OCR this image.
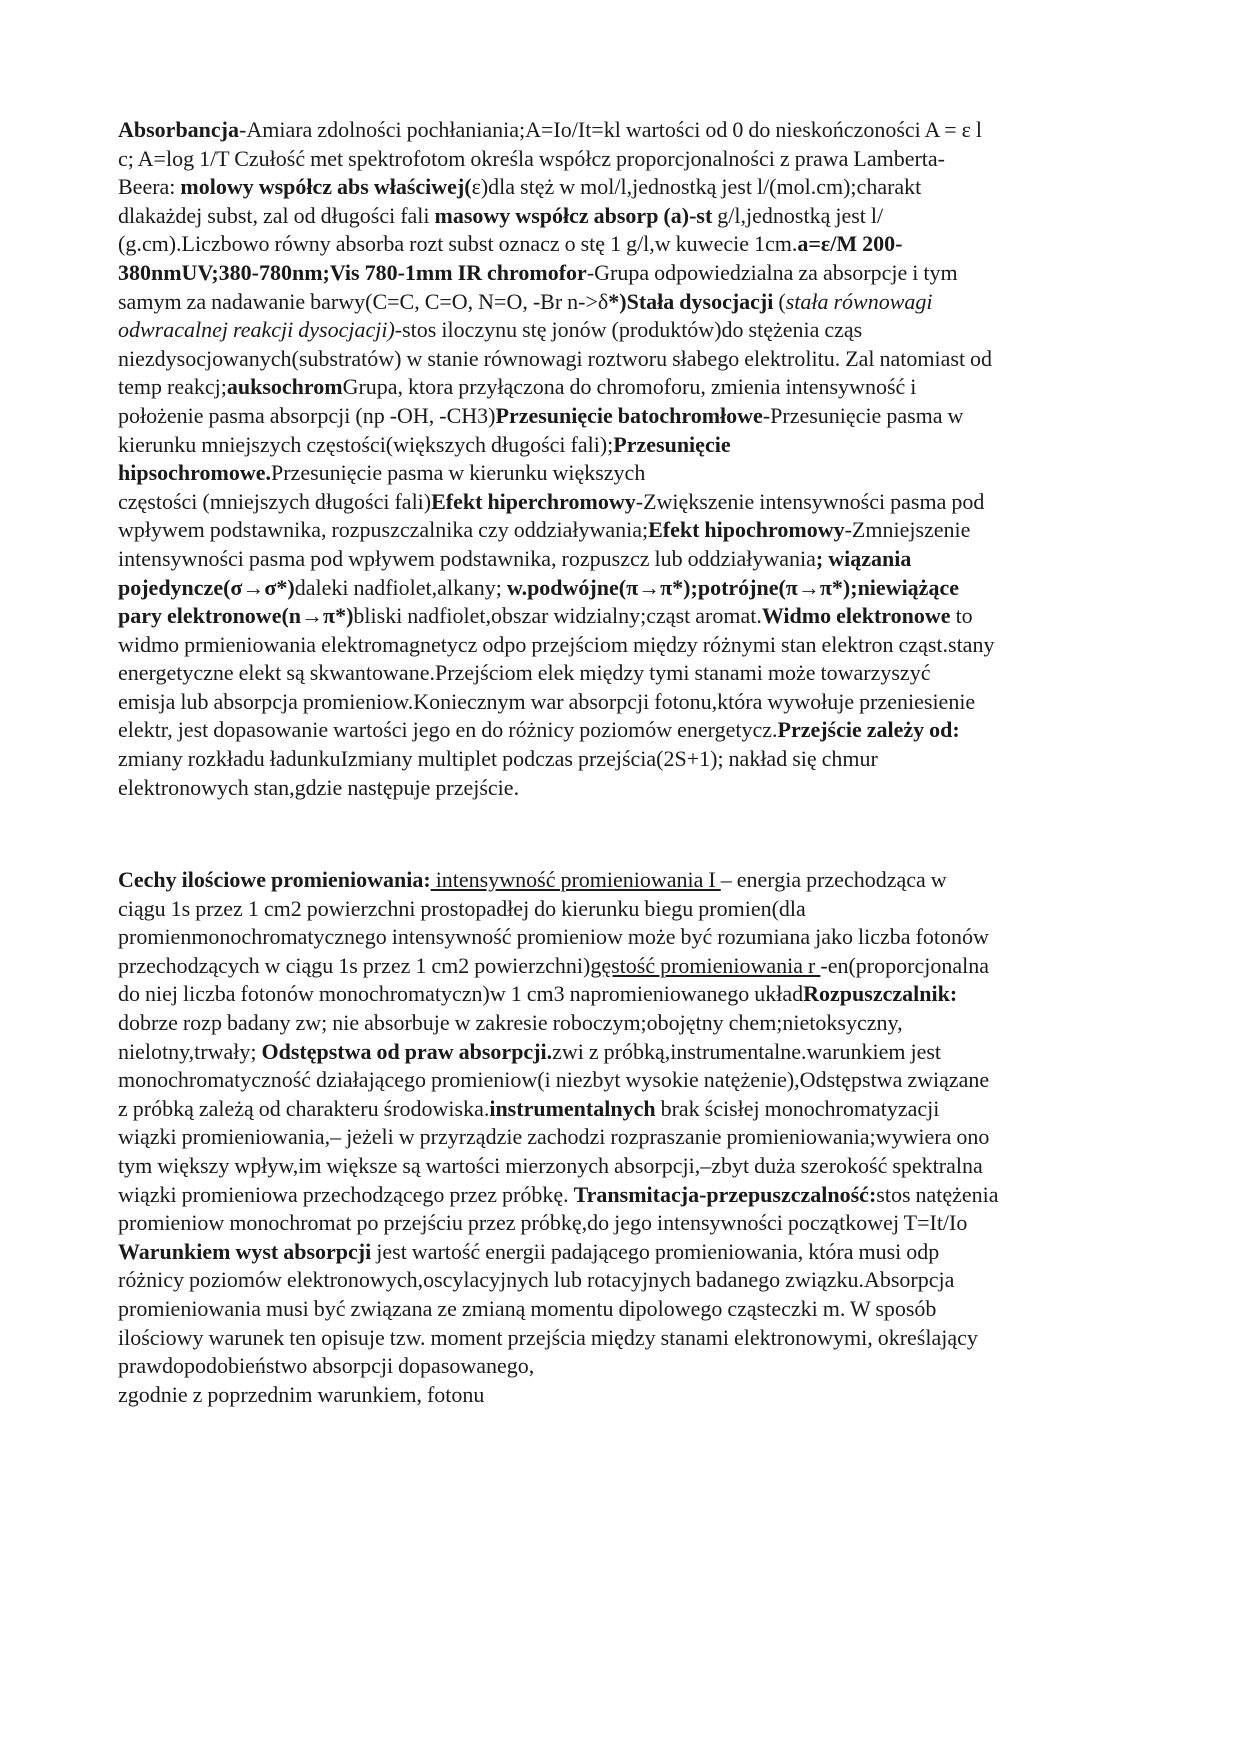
Absorbancja-Amiara zdolności pochłaniania;A=Io/It=kl wartości od 0 do nieskończoności A = ε l
c; A=log 1/T Czułość met spektrofotom określa współcz proporcjonalności z prawa Lamberta-
Beera: molowy współcz abs właściwej(ε)dla stęż w mol/l,jednostką jest l/(mol.cm);charakt
dlakażdej subst, zal od długości fali masowy współcz absorp (a)-st g/l,jednostką jest l/
(g.cm).Liczbowo równy absorba rozt subst oznacz o stę 1 g/l,w kuwecie 1cm.a=ε/M 200-
380nmUV;380-780nm;Vis 780-1mm IR chromofor-Grupa odpowiedzialna za absorpcje i tym
samym za nadawanie barwy(C=C, C=O, N=O, -Br n->δ*)Stała dysocjacji (stała równowagi
odwracalnej reakcji dysocjacji)-stos iloczynu stę jonów (produktów)do stężenia cząs
niezdysocjowanych(substratów) w stanie równowagi roztworu słabego elektrolitu. Zal natomiast od
temp reakcj;auksochromGrupa, ktora przyłączona do chromoforu, zmienia intensywność i
położenie pasma absorpcji (np -OH, -CH3)Przesunięcie batochromłowe-Przesunięcie pasma w
kierunku mniejszych częstości(większych długości fali);Przesunięcie
hipsochromowe.Przesunięcie pasma w kierunku większych
częstości (mniejszych długości fali)Efekt hiperchromowy-Zwiększenie intensywności pasma pod
wpływem podstawnika, rozpuszczalnika czy oddziaływania;Efekt hipochromowy-Zmniejszenie
intensywności pasma pod wpływem podstawnika, rozpuszcz lub oddziaływania; wiązania
pojedyncze(σ→σ*)daleki nadfiolet,alkany; w.podwójne(π→π*);potrójne(π→π*);niewiążące
pary elektronowe(n→π*)bliski nadfiolet,obszar widzialny;cząst aromat.Widmo elektronowe to
widmo prmieniowania elektromagnetycz odpo przejściom między różnymi stan elektron cząst.stany
energetyczne elekt są skwantowane.Przejściom elek między tymi stanami może towarzyszyć
emisja lub absorpcja promieniow.Koniecznym war absorpcji fotonu,która wywołuje przeniesienie
elektr, jest dopasowanie wartości jego en do różnicy poziomów energetycz.Przejście zależy od:
zmiany rozkładu ładunkuIzmiany multiplet podczas przejścia(2S+1); nakład się chmur
elektronowych stan,gdzie następuje przejście.
Cechy ilościowe promieniowania: intensywność promieniowania I – energia przechodząca w
ciągu 1s przez 1 cm2 powierzchni prostopadłej do kierunku biegu promien(dla
promienmonochromatycznego intensywność promieniow może być rozumiana jako liczba fotonów
przechodzących w ciągu 1s przez 1 cm2 powierzchni)gęstość promieniowania r -en(proporcjonalna
do niej liczba fotonów monochromatyczn)w 1 cm3 napromieniowanego układRozpuszczalnik:
dobrze rozp badany zw; nie absorbuje w zakresie roboczym;obojętny chem;nietoksyczny,
nielotny,trwały; Odstępstwa od praw absorpcji.zwi z próbką,instrumentalne.warunkiem jest
monochromatyczność działającego promieniow(i niezbyt wysokie natężenie),Odstępstwa związane
z próbką zależą od charakteru środowiska.instrumentalnych brak ścisłej monochromatyzacji
wiązki promieniowania,– jeżeli w przyrządzie zachodzi rozpraszanie promieniowania;wywiera ono
tym większy wpływ,im większe są wartości mierzonych absorpcji,–zbyt duża szerokość spektralna
wiązki promieniowa przechodzącego przez próbkę. Transmitacja-przepuszczalność:stos natężenia
promieniow monochromat po przejściu przez próbkę,do jego intensywności początkowej T=It/Io
Warunkiem wyst absorpcji jest wartość energii padającego promieniowania, która musi odp
różnicy poziomów elektronowych,oscylacyjnych lub rotacyjnych badanego związku.Absorpcja
promieniowania musi być związana ze zmianą momentu dipolowego cząsteczki m. W sposób
ilościowy warunek ten opisuje tzw. moment przejścia między stanami elektronowymi, określający
prawdopodobieństwo absorpcji dopasowanego,
zgodnie z poprzednim warunkiem, fotonu
